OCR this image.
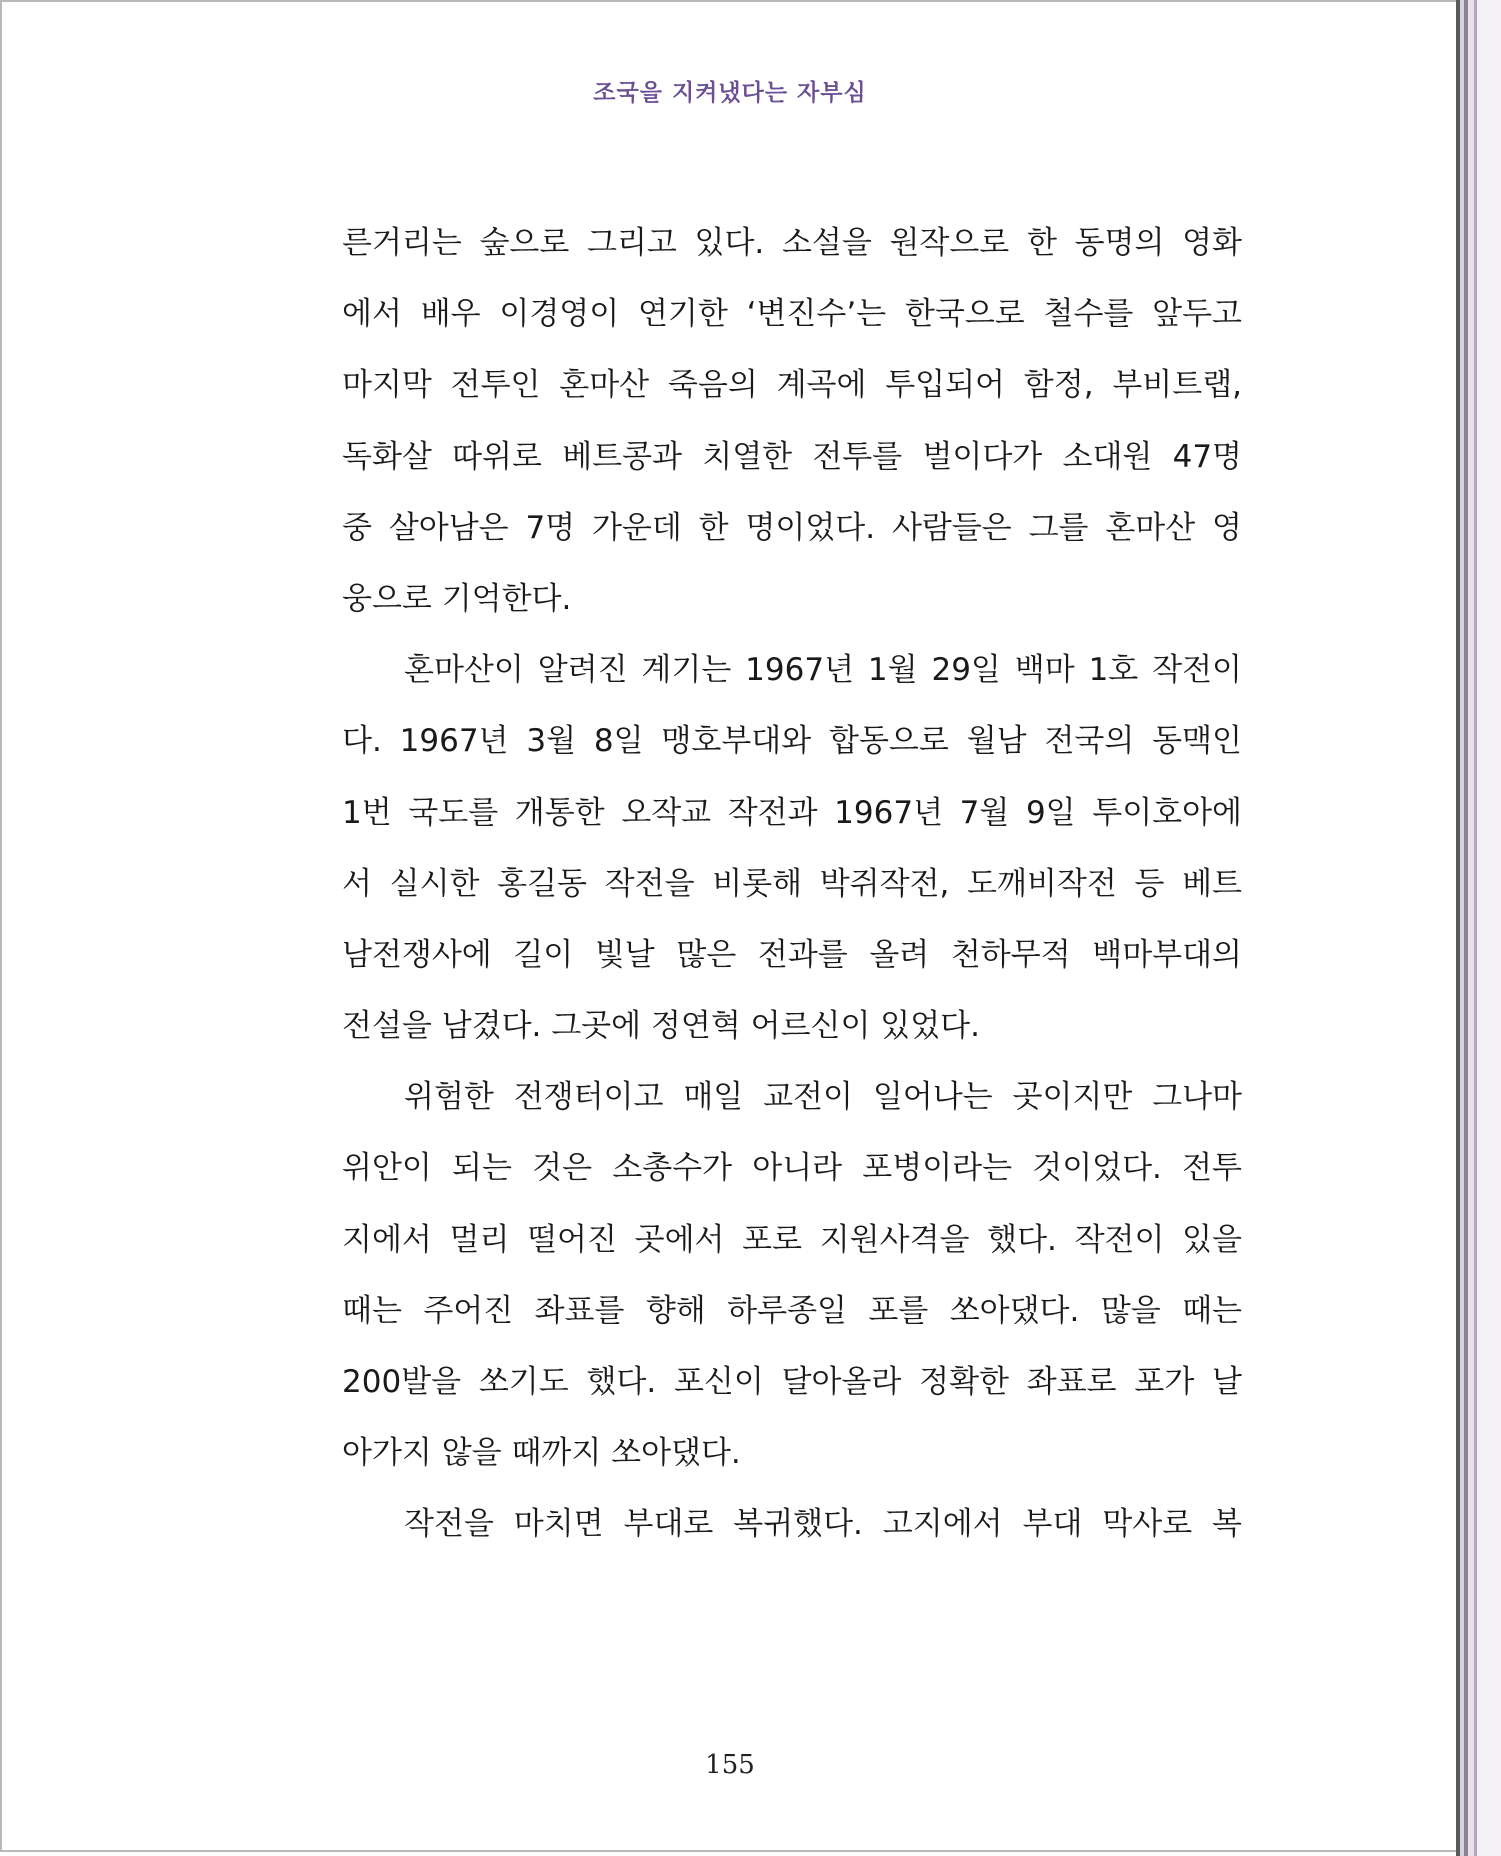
조국을 지켜냈다는 자부심
른거리는 숲으로 그리고 있다. 소설을 원작으로 한 동명의 영화
에서 배우 이경영이 연기한 ‘변진수’는 한국으로 철수를 앞두고
마지막 전투인 혼마산 죽음의 계곡에 투입되어 함정, 부비트랩,
독화살 따위로 베트콩과 치열한 전투를 벌이다가 소대원 47명
중 살아남은 7명 가운데 한 명이었다. 사람들은 그를 혼마산 영
웅으로 기억한다.
혼마산이 알려진 계기는 1967년 1월 29일 백마 1호 작전이
다. 1967년 3월 8일 맹호부대와 합동으로 월남 전국의 동맥인
1번 국도를 개통한 오작교 작전과 1967년 7월 9일 투이호아에
서 실시한 홍길동 작전을 비롯해 박쥐작전, 도깨비작전 등 베트
남전쟁사에 길이 빛날 많은 전과를 올려 천하무적 백마부대의
전설을 남겼다. 그곳에 정연혁 어르신이 있었다.
위험한 전쟁터이고 매일 교전이 일어나는 곳이지만 그나마
위안이 되는 것은 소총수가 아니라 포병이라는 것이었다. 전투
지에서 멀리 떨어진 곳에서 포로 지원사격을 했다. 작전이 있을
때는 주어진 좌표를 향해 하루종일 포를 쏘아댔다. 많을 때는
200발을 쏘기도 했다. 포신이 달아올라 정확한 좌표로 포가 날
아가지 않을 때까지 쏘아댔다.
작전을 마치면 부대로 복귀했다. 고지에서 부대 막사로 복
155
